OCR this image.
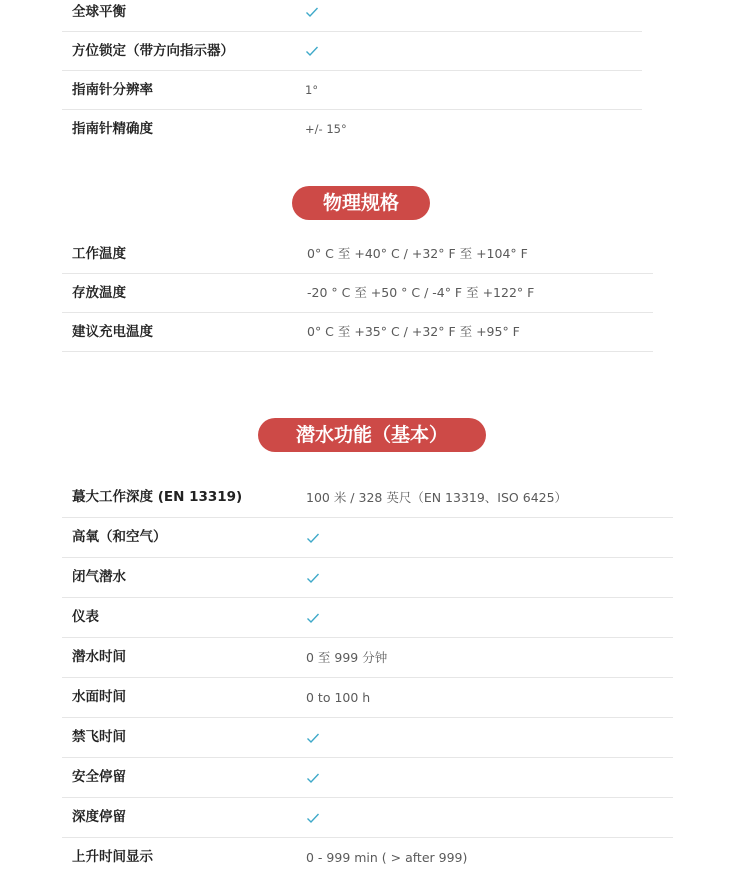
全球平衡
方位锁定（带方向指示器）
指南针分辨率	1°
指南针精确度	+/- 15°
物理规格
工作温度	0° C 至 +40° C / +32° F 至 +104° F
存放温度	-20 ° C 至 +50 ° C / -4° F 至 +122° F
建议充电温度	0° C 至 +35° C / +32° F 至 +95° F
潜水功能（基本）
蕞大工作深度 (EN 13319)	100 米 / 328 英尺（EN 13319、ISO 6425）
高氧（和空气）
闭气潜水
仪表
潜水时间	0 至 999 分钟
水面时间	0 to 100 h
禁飞时间
安全停留
深度停留
上升时间显示	0 - 999 min ( > after 999)
